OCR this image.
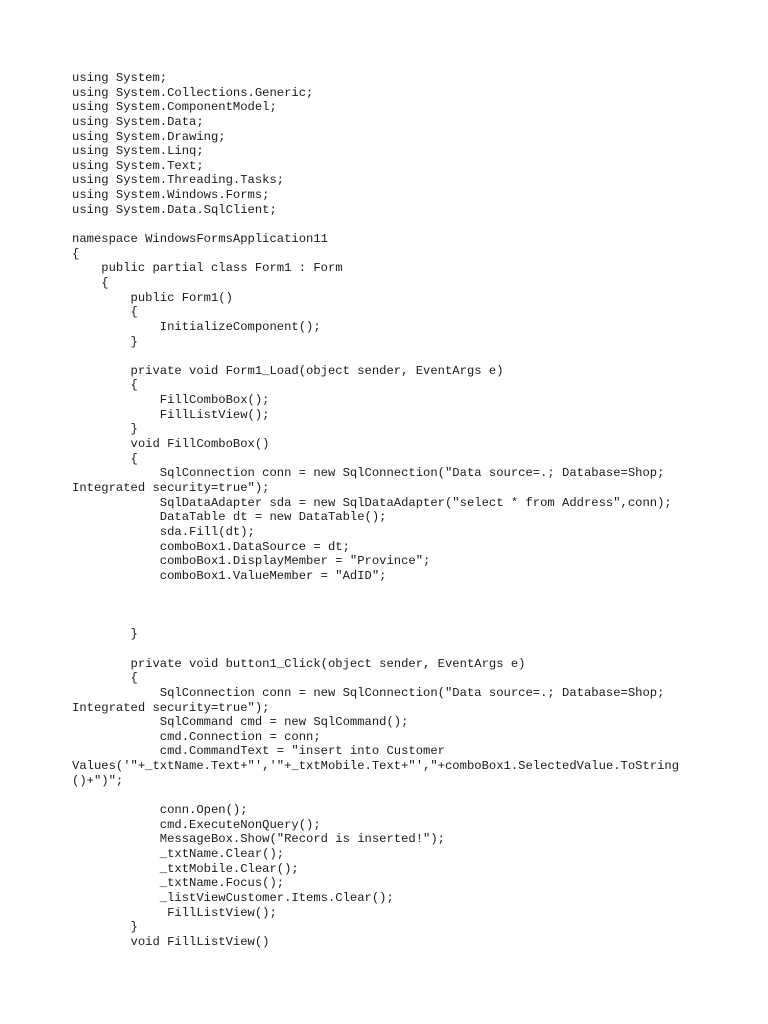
using System;
using System.Collections.Generic;
using System.ComponentModel;
using System.Data;
using System.Drawing;
using System.Linq;
using System.Text;
using System.Threading.Tasks;
using System.Windows.Forms;
using System.Data.SqlClient;
namespace WindowsFormsApplication11
{
public partial class Form1 : Form
{
public Form1()
{
InitializeComponent();
}
private void Form1_Load(object sender, EventArgs e)
{
FillComboBox();
FillListView();
}
void FillComboBox()
{
SqlConnection conn = new SqlConnection("Data source=.; Database=Shop;
Integrated security=true");
SqlDataAdapter sda = new SqlDataAdapter("select * from Address",conn);
DataTable dt = new DataTable();
sda.Fill(dt);
comboBox1.DataSource = dt;
comboBox1.DisplayMember = "Province";
comboBox1.ValueMember = "AdID";
}
private void button1_Click(object sender, EventArgs e)
{
SqlConnection conn = new SqlConnection("Data source=.; Database=Shop;
Integrated security=true");
SqlCommand cmd = new SqlCommand();
cmd.Connection = conn;
cmd.CommandText = "insert into Customer
Values('"+_txtName.Text+"','"+_txtMobile.Text+"',"+comboBox1.SelectedValue.ToString
()+")";
conn.Open();
cmd.ExecuteNonQuery();
MessageBox.Show("Record is inserted!");
_txtName.Clear();
_txtMobile.Clear();
_txtName.Focus();
_listViewCustomer.Items.Clear();
FillListView();
}
void FillListView()
